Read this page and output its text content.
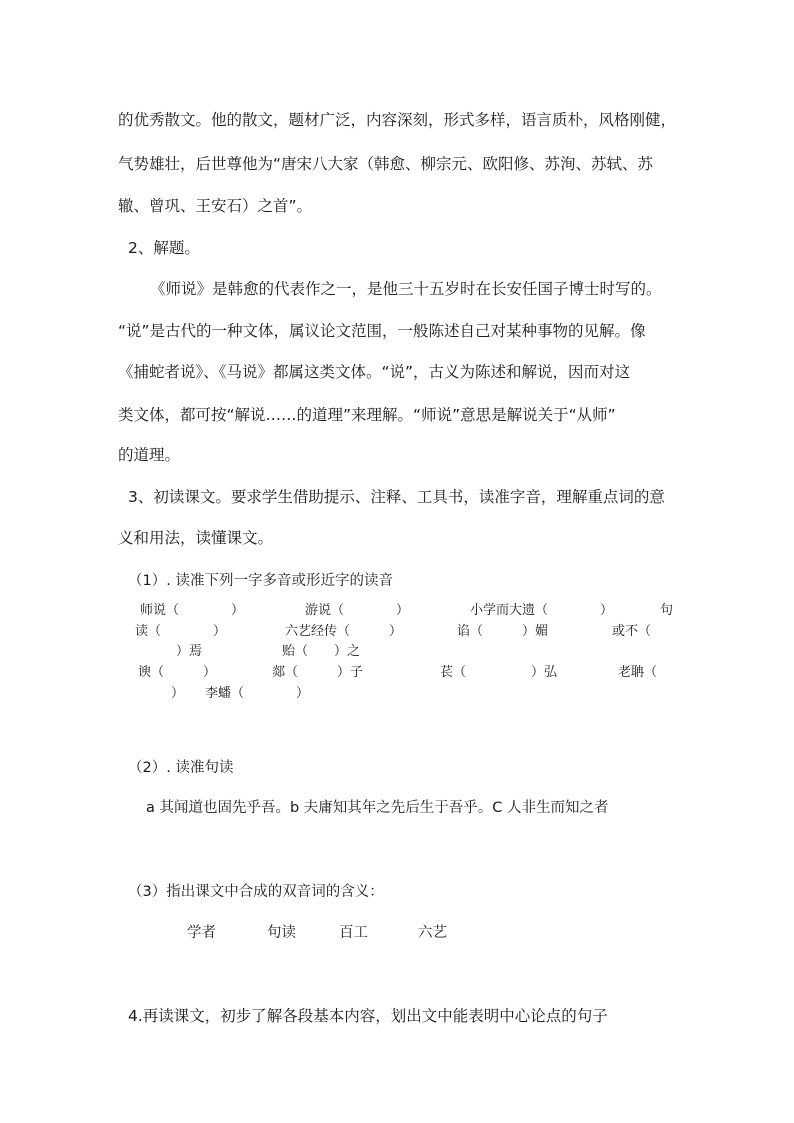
的优秀散文。他的散文，题材广泛，内容深刻，形式多样，语言质朴，风格刚健，

气势雄壮，后世尊他为“唐宋八大家（韩愈、柳宗元、欧阳修、苏洵、苏轼、苏

辙、曾巩、王安石）之首”。

2、解题。

《师说》是韩愈的代表作之一，是他三十五岁时在长安任国子博士时写的。

“说”是古代的一种文体，属议论文范围，一般陈述自己对某种事物的见解。像

《捕蛇者说》、《马说》都属这类文体。“说”，古义为陈述和解说，因而对这

类文体，都可按“解说……的道理”来理解。“师说”意思是解说关于“从师”

的道理。

3、初读课文。要求学生借助提示、注释、工具书，读准字音，理解重点词的意

义和用法，读懂课文。

（1）. 读准下列一字多音或形近字的读音

师说（　　　　）	游说（　　　　）	小学而大遗（　　　　）	句
读（　　　　）	六艺经传（　　　）	谄（　　　）媚	或不（
）焉	贻（　　）之
谀（　　　）	郯（　　　）子	苌（　　　　　）弘	老聃（
） 李蟠（　　　　）

（2）. 读准句读

a 其闻道也固先乎吾。b 夫庸知其年之先后生于吾乎。C 人非生而知之者

（3）指出课文中合成的双音词的含义：

学者	句读	百工	六艺

4.再读课文，初步了解各段基本内容，划出文中能表明中心论点的句子
